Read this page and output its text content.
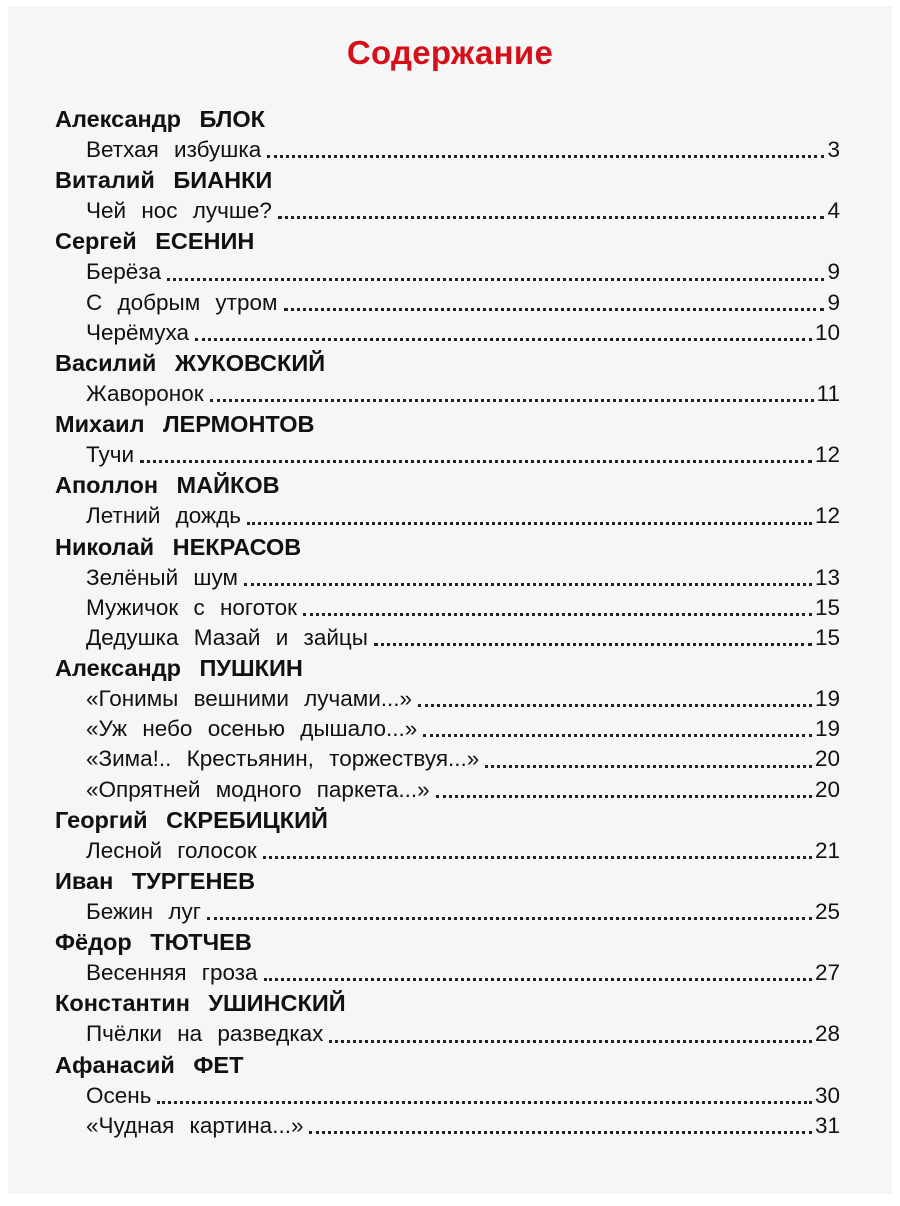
Содержание
Александр БЛОК
Ветхая избушка	3
Виталий БИАНКИ
Чей нос лучше?	4
Сергей ЕСЕНИН
Берёза	9
С добрым утром	9
Черёмуха	10
Василий ЖУКОВСКИЙ
Жаворонок	11
Михаил ЛЕРМОНТОВ
Тучи	12
Аполлон МАЙКОВ
Летний дождь	12
Николай НЕКРАСОВ
Зелёный шум	13
Мужичок с ноготок	15
Дедушка Мазай и зайцы	15
Александр ПУШКИН
«Гонимы вешними лучами...»	19
«Уж небо осенью дышало...»	19
«Зима!.. Крестьянин, торжествуя...»	20
«Опрятней модного паркета...»	20
Георгий СКРЕБИЦКИЙ
Лесной голосок	21
Иван ТУРГЕНЕВ
Бежин луг	25
Фёдор ТЮТЧЕВ
Весенняя гроза	27
Константин УШИНСКИЙ
Пчёлки на разведках	28
Афанасий ФЕТ
Осень	30
«Чудная картина...»	31
